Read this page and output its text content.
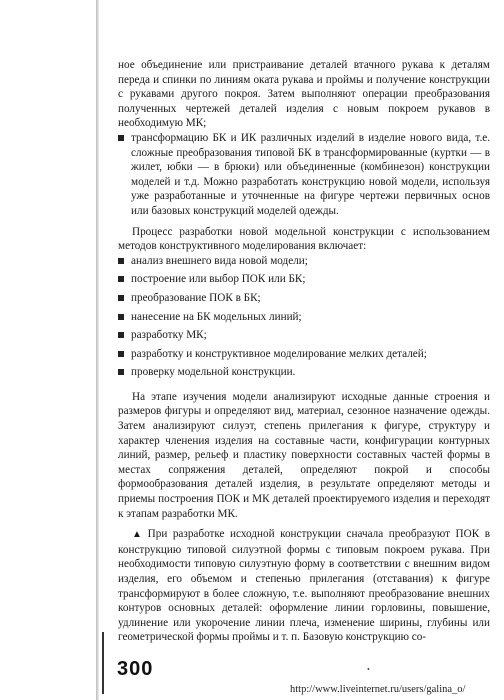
ное объединение или пристраивание деталей втачного рукава к деталям переда и спинки по линиям оката рукава и проймы и получение конструкции с рукавами другого покроя. Затем выполняют операции преобразования полученных чертежей деталей изделия с новым покроем рукавов в необходимую МК;

трансформацию БК и ИК различных изделий в изделие нового вида, т.е. сложные преобразования типовой БК в трансформированные (куртки — в жилет, юбки — в брюки) или объединенные (комбинезон) конструкции моделей и т.д. Можно разработать конструкцию новой модели, используя уже разработанные и уточненные на фигуре чертежи первичных основ или базовых конструкций моделей одежды.

Процесс разработки новой модельной конструкции с использованием методов конструктивного моделирования включает:

анализ внешнего вида новой модели;
построение или выбор ПОК или БК;
преобразование ПОК в БК;
нанесение на БК модельных линий;
разработку МК;
разработку и конструктивное моделирование мелких деталей;
проверку модельной конструкции.

На этапе изучения модели анализируют исходные данные строения и размеров фигуры и определяют вид, материал, сезонное назначение одежды. Затем анализируют силуэт, степень прилегания к фигуре, структуру и характер членения изделия на составные части, конфигурации контурных линий, размер, рельеф и пластику поверхности составных частей формы в местах сопряжения деталей, определяют покрой и способы формообразования деталей изделия, в результате определяют методы и приемы построения ПОК и МК деталей проектируемого изделия и переходят к этапам разработки МК.

▲ При разработке исходной конструкции сначала преобразуют ПОК в конструкцию типовой силуэтной формы с типовым покроем рукава. При необходимости типовую силуэтную форму в соответствии с внешним видом изделия, его объемом и степенью прилегания (отставания) к фигуре трансформируют в более сложную, т.е. выполняют преобразование внешних контуров основных деталей: оформление линии горловины, повышение, удлинение или укорочение линии плеча, изменение ширины, глубины или геометрической формы проймы и т. п. Базовую конструкцию со-

300	•
http://www.liveinternet.ru/users/galina_o/
